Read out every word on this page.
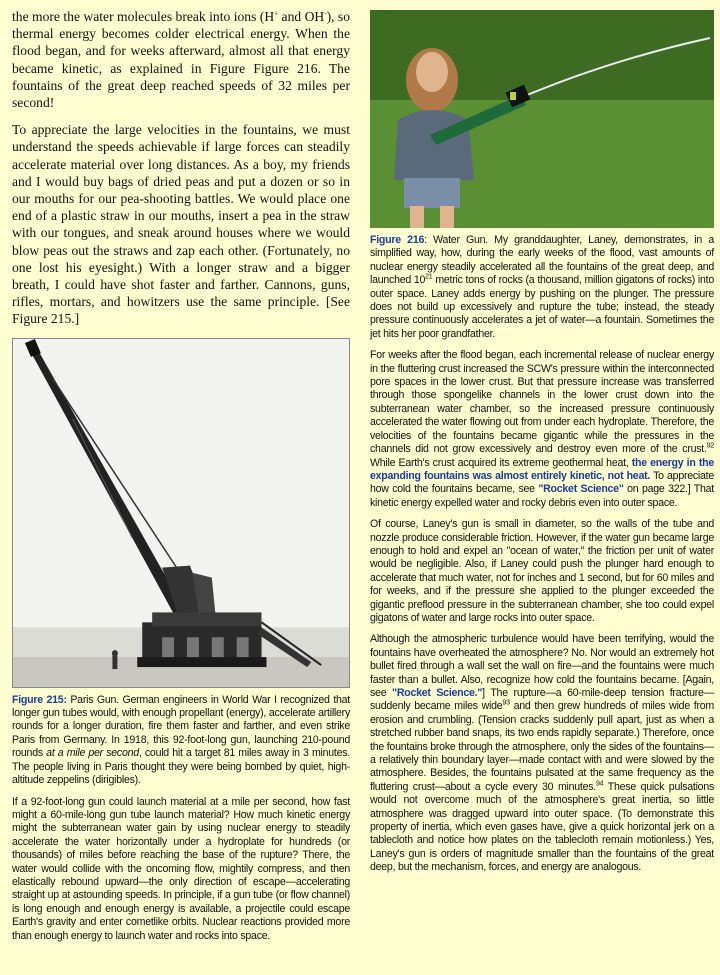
the more the water molecules break into ions (H+ and OH-), so thermal energy becomes colder electrical energy. When the flood began, and for weeks afterward, almost all that energy became kinetic, as explained in Figure Figure 216. The fountains of the great deep reached speeds of 32 miles per second!

To appreciate the large velocities in the fountains, we must understand the speeds achievable if large forces can steadily accelerate material over long distances. As a boy, my friends and I would buy bags of dried peas and put a dozen or so in our mouths for our pea-shooting battles. We would place one end of a plastic straw in our mouths, insert a pea in the straw with our tongues, and sneak around houses where we would blow peas out the straws and zap each other. (Fortunately, no one lost his eyesight.) With a longer straw and a bigger breath, I could have shot faster and farther. Cannons, guns, rifles, mortars, and howitzers use the same principle. [See Figure 215.]

Figure 215: Paris Gun. German engineers in World War I recognized that longer gun tubes would, with enough propellant (energy), accelerate artillery rounds for a longer duration, fire them faster and farther, and even strike Paris from Germany. In 1918, this 92-foot-long gun, launching 210-pound rounds at a mile per second, could hit a target 81 miles away in 3 minutes. The people living in Paris thought they were being bombed by quiet, high-altitude zeppelins (dirigibles).

If a 92-foot-long gun could launch material at a mile per second, how fast might a 60-mile-long gun tube launch material? How much kinetic energy might the subterranean water gain by using nuclear energy to steadily accelerate the water horizontally under a hydroplate for hundreds (or thousands) of miles before reaching the base of the rupture? There, the water would collide with the oncoming flow, mightily compress, and then elastically rebound upward—the only direction of escape—accelerating straight up at astounding speeds. In principle, if a gun tube (or flow channel) is long enough and enough energy is available, a projectile could escape Earth's gravity and enter cometlike orbits. Nuclear reactions provided more than enough energy to launch water and rocks into space.

Figure 216: Water Gun. My granddaughter, Laney, demonstrates, in a simplified way, how, during the early weeks of the flood, vast amounts of nuclear energy steadily accelerated all the fountains of the great deep, and launched $10^{21}$ metric tons of rocks (a thousand, million gigatons of rocks) into outer space. Laney adds energy by pushing on the plunger. The pressure does not build up excessively and rupture the tube; instead, the steady pressure continuously accelerates a jet of water—a fountain. Sometimes the jet hits her poor grandfather.

For weeks after the flood began, each incremental release of nuclear energy in the fluttering crust increased the SCW's pressure within the interconnected pore spaces in the lower crust. But that pressure increase was transferred through those spongelike channels in the lower crust down into the subterranean water chamber, so the increased pressure continuously accelerated the water flowing out from under each hydroplate. Therefore, the velocities of the fountains became gigantic while the pressures in the channels did not grow excessively and destroy even more of the crust.$^{92}$ While Earth's crust acquired its extreme geothermal heat, the energy in the expanding fountains was almost entirely kinetic, not heat. To appreciate how cold the fountains became, see "Rocket Science" on page 322.] That kinetic energy expelled water and rocky debris even into outer space.

Of course, Laney's gun is small in diameter, so the walls of the tube and nozzle produce considerable friction. However, if the water gun became large enough to hold and expel an "ocean of water," the friction per unit of water would be negligible. Also, if Laney could push the plunger hard enough to accelerate that much water, not for inches and 1 second, but for 60 miles and for weeks, and if the pressure she applied to the plunger exceeded the gigantic preflood pressure in the subterranean chamber, she too could expel gigatons of water and large rocks into outer space.

Although the atmospheric turbulence would have been terrifying, would the fountains have overheated the atmosphere? No. Nor would an extremely hot bullet fired through a wall set the wall on fire—and the fountains were much faster than a bullet. Also, recognize how cold the fountains became. [Again, see "Rocket Science."] The rupture—a 60-mile-deep tension fracture—suddenly became miles wide$^{93}$ and then grew hundreds of miles wide from erosion and crumbling. (Tension cracks suddenly pull apart, just as when a stretched rubber band snaps, its two ends rapidly separate.) Therefore, once the fountains broke through the atmosphere, only the sides of the fountains—a relatively thin boundary layer—made contact with and were slowed by the atmosphere. Besides, the fountains pulsated at the same frequency as the fluttering crust—about a cycle every 30 minutes.$^{94}$ These quick pulsations would not overcome much of the atmosphere's great inertia, so little atmosphere was dragged upward into outer space. (To demonstrate this property of inertia, which even gases have, give a quick horizontal jerk on a tablecloth and notice how plates on the tablecloth remain motionless.) Yes, Laney's gun is orders of magnitude smaller than the fountains of the great deep, but the mechanism, forces, and energy are analogous.
